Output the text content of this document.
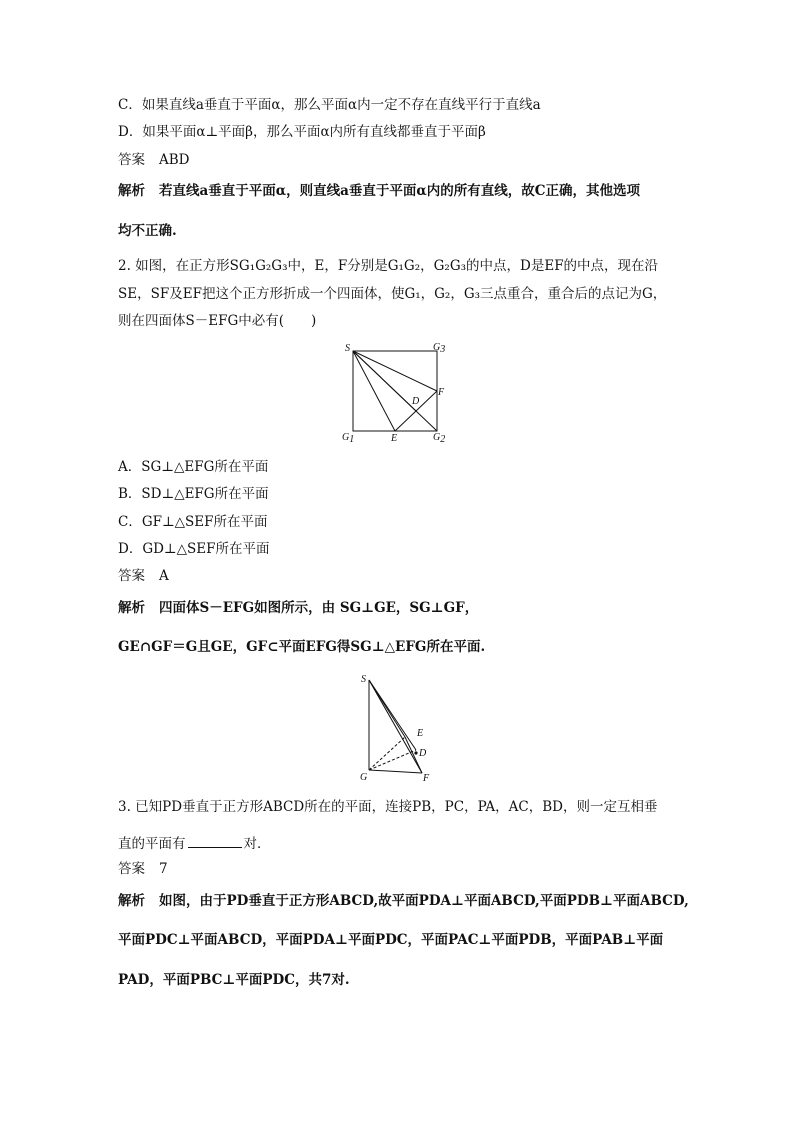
C．如果直线a垂直于平面α，那么平面α内一定不存在直线平行于直线a
D．如果平面α⊥平面β，那么平面α内所有直线都垂直于平面β
答案 ABD
解析 若直线a垂直于平面α，则直线a垂直于平面α内的所有直线，故C正确，其他选项
均不正确.
2. 如图，在正方形SG₁G₂G₃中，E，F分别是G₁G₂，G₂G₃的中点，D是EF的中点，现在沿
SE，SF及EF把这个正方形折成一个四面体，使G₁，G₂，G₃三点重合，重合后的点记为G，
则在四面体S－EFG中必有(　　)
S	G3
F
D
G1	E	G2
A．SG⊥△EFG所在平面
B．SD⊥△EFG所在平面
C．GF⊥△SEF所在平面
D．GD⊥△SEF所在平面
答案 A
解析 四面体S－EFG如图所示，由 SG⊥GE，SG⊥GF，
GE∩GF＝G且GE，GF⊂平面EFG得SG⊥△EFG所在平面.
S
E
D
G	F
3. 已知PD垂直于正方形ABCD所在的平面，连接PB，PC，PA，AC，BD，则一定互相垂
直的平面有	对．
答案 7
解析 如图，由于PD垂直于正方形ABCD,故平面PDA⊥平面ABCD,平面PDB⊥平面ABCD,
平面PDC⊥平面ABCD，平面PDA⊥平面PDC，平面PAC⊥平面PDB，平面PAB⊥平面
PAD，平面PBC⊥平面PDC，共7对.
